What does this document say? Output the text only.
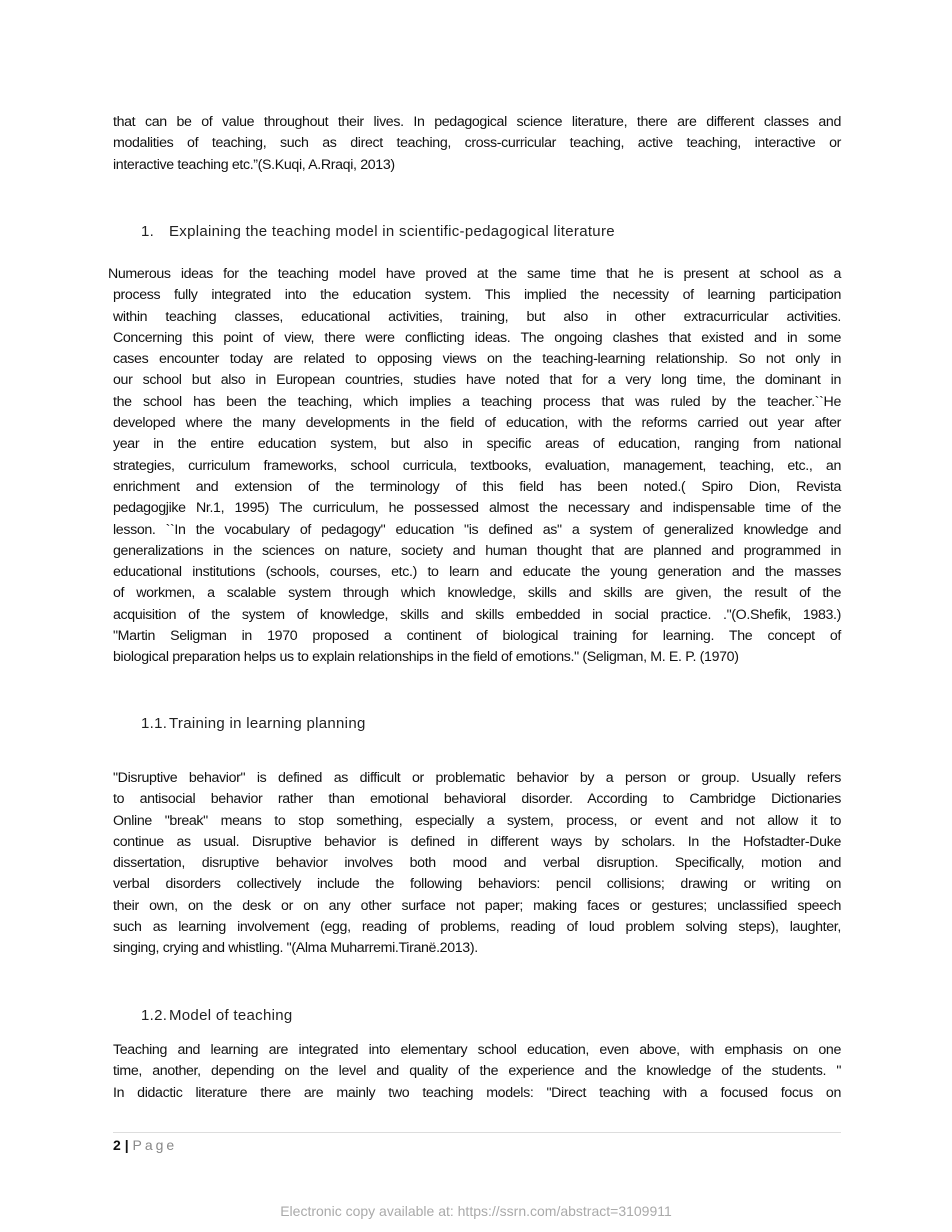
that can be of value throughout their lives. In pedagogical science literature, there are different classes and
modalities of teaching, such as direct teaching, cross-curricular teaching, active teaching, interactive or
interactive teaching etc.”(S.Kuqi, A.Rraqi, 2013)
1. Explaining the teaching model in scientific-pedagogical literature
Numerous ideas for the teaching model have proved at the same time that he is present at school as a
process fully integrated into the education system. This implied the necessity of learning participation
within teaching classes, educational activities, training, but also in other extracurricular activities.
Concerning this point of view, there were conflicting ideas. The ongoing clashes that existed and in some
cases encounter today are related to opposing views on the teaching-learning relationship. So not only in
our school but also in European countries, studies have noted that for a very long time, the dominant in
the school has been the teaching, which implies a teaching process that was ruled by the teacher.``He
developed where the many developments in the field of education, with the reforms carried out year after
year in the entire education system, but also in specific areas of education, ranging from national
strategies, curriculum frameworks, school curricula, textbooks, evaluation, management, teaching, etc., an
enrichment and extension of the terminology of this field has been noted.( Spiro Dion, Revista
pedagogjike Nr.1, 1995) The curriculum, he possessed almost the necessary and indispensable time of the
lesson. ``In the vocabulary of pedagogy" education "is defined as" a system of generalized knowledge and
generalizations in the sciences on nature, society and human thought that are planned and programmed in
educational institutions (schools, courses, etc.) to learn and educate the young generation and the masses
of workmen, a scalable system through which knowledge, skills and skills are given, the result of the
acquisition of the system of knowledge, skills and skills embedded in social practice. ."(O.Shefik, 1983.)
"Martin Seligman in 1970 proposed a continent of biological training for learning. The concept of
biological preparation helps us to explain relationships in the field of emotions." (Seligman, M. E. P. (1970)
1.1. Training in learning planning
"Disruptive behavior" is defined as difficult or problematic behavior by a person or group. Usually refers
to antisocial behavior rather than emotional behavioral disorder. According to Cambridge Dictionaries
Online "break" means to stop something, especially a system, process, or event and not allow it to
continue as usual. Disruptive behavior is defined in different ways by scholars. In the Hofstadter-Duke
dissertation, disruptive behavior involves both mood and verbal disruption. Specifically, motion and
verbal disorders collectively include the following behaviors: pencil collisions; drawing or writing on
their own, on the desk or on any other surface not paper; making faces or gestures; unclassified speech
such as learning involvement (egg, reading of problems, reading of loud problem solving steps), laughter,
singing, crying and whistling. "(Alma Muharremi.Tiranë.2013).
1.2. Model of teaching
Teaching and learning are integrated into elementary school education, even above, with emphasis on one
time, another, depending on the level and quality of the experience and the knowledge of the students. "
In didactic literature there are mainly two teaching models: "Direct teaching with a focused focus on
2 | Page
Electronic copy available at: https://ssrn.com/abstract=3109911
